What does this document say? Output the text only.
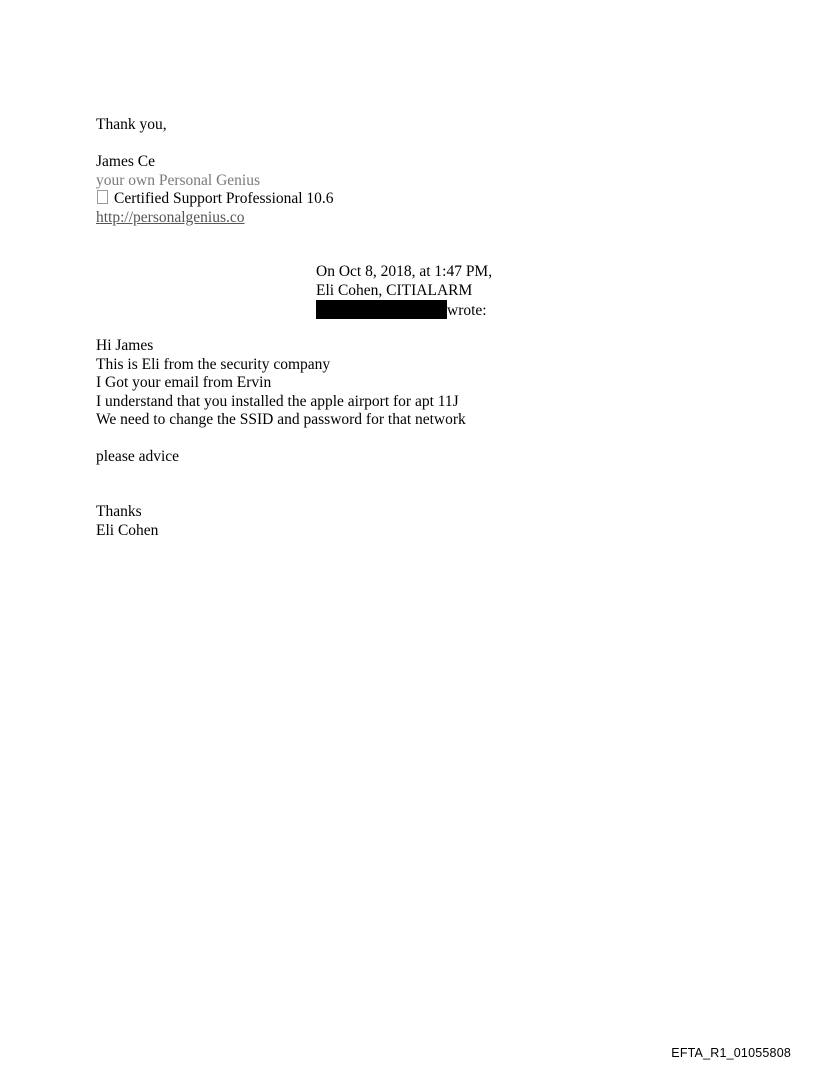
Thank you,
James Ce
your own Personal Genius
Certified Support Professional 10.6
http://personalgenius.co
On Oct 8, 2018, at 1:47 PM,
Eli Cohen, CITIALARM
wrote:
Hi James
This is Eli from the security company
I Got your email from Ervin
I understand that you installed the apple airport for apt 11J
We need to change the SSID and password for that network
please advice
Thanks
Eli Cohen
EFTA_R1_01055808
